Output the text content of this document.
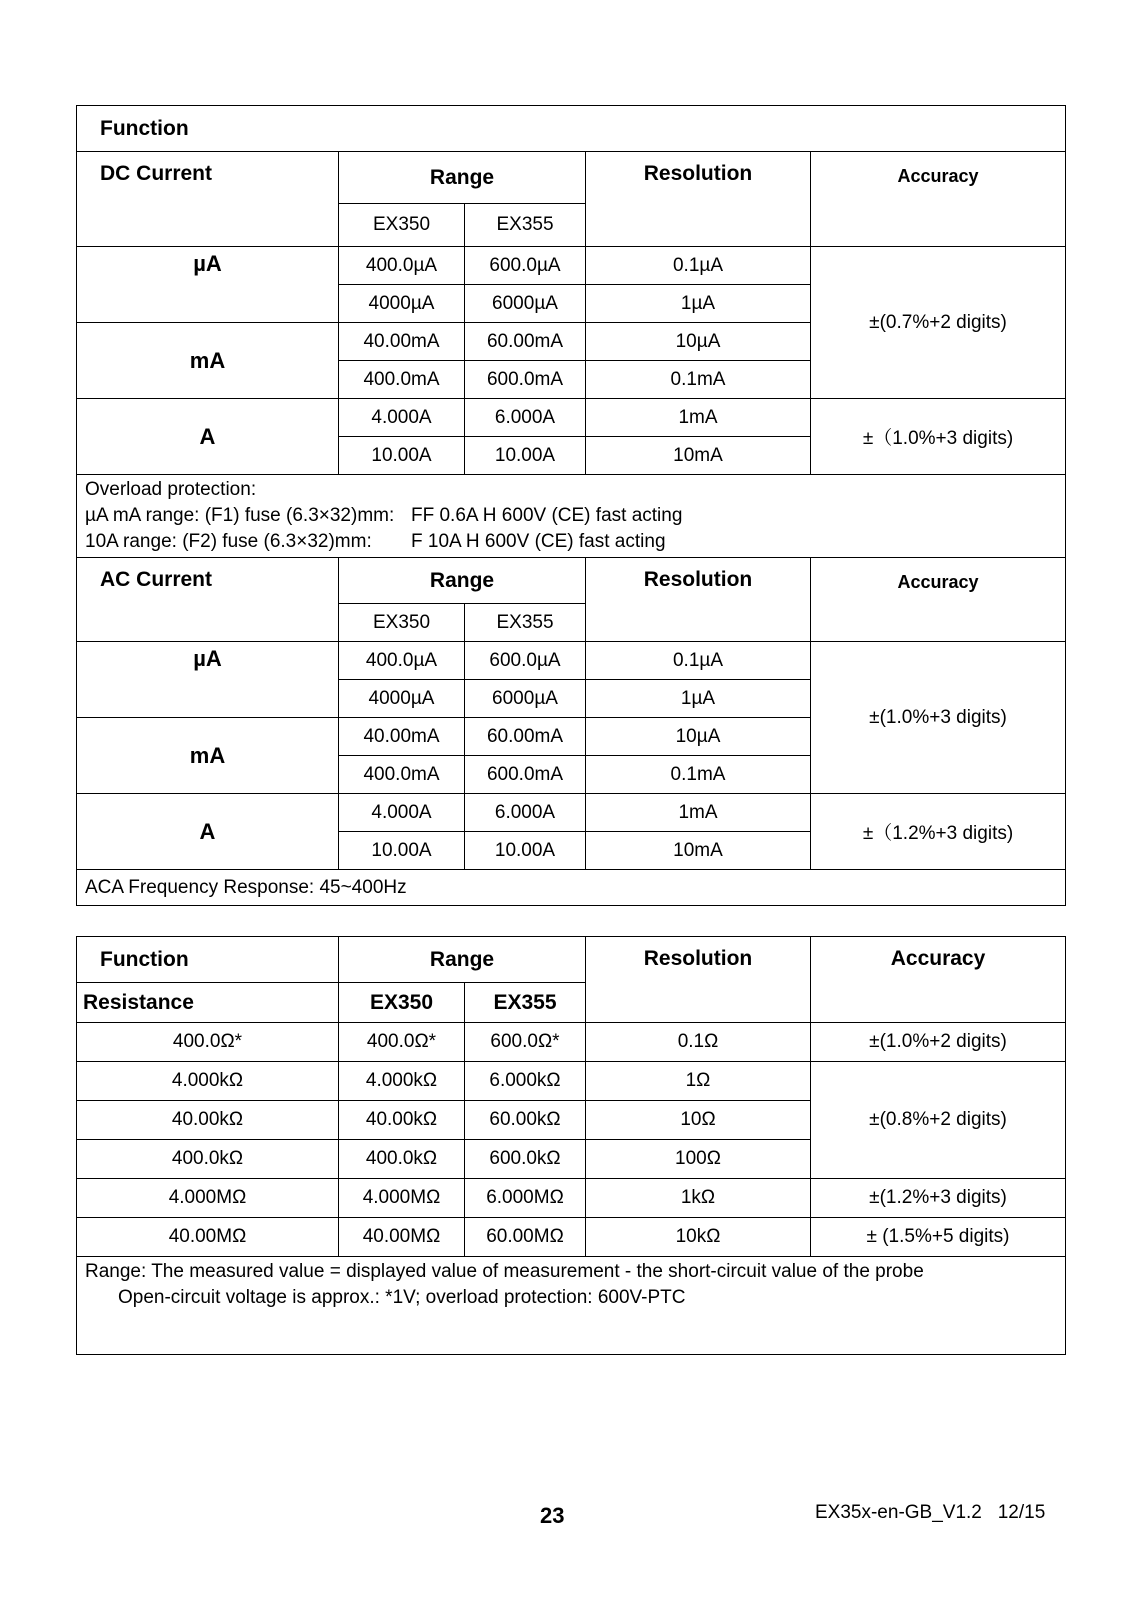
Function				
DC Current	Range		Resolution	Accuracy
	EX350	EX355		
µA	400.0µA	600.0µA	0.1µA	±(0.7%+2 digits)
	4000µA	6000µA	1µA	
mA	40.00mA	60.00mA	10µA	
	400.0mA	600.0mA	0.1mA	
A	4.000A	6.000A	1mA	±（1.0%+3 digits)
	10.00A	10.00A	10mA	

Overload protection:
µA mA range: (F1) fuse (6.3×32)mm: FF 0.6A H 600V (CE) fast acting
10A range: (F2) fuse (6.3×32)mm: F 10A H 600V (CE) fast acting				

AC Current	Range		Resolution	Accuracy
	EX350	EX355		
µA	400.0µA	600.0µA	0.1µA	±(1.0%+3 digits)
	4000µA	6000µA	1µA	
mA	40.00mA	60.00mA	10µA	
	400.0mA	600.0mA	0.1mA	
A	4.000A	6.000A	1mA	±（1.2%+3 digits)
	10.00A	10.00A	10mA	
ACA Frequency Response: 45~400Hz				
Function	Range		Resolution	Accuracy
Resistance	EX350	EX355		
400.0Ω*	400.0Ω*	600.0Ω*	0.1Ω	±(1.0%+2 digits)
4.000kΩ	4.000kΩ	6.000kΩ	1Ω	±(0.8%+2 digits)
40.00kΩ	40.00kΩ	60.00kΩ	10Ω	
400.0kΩ	400.0kΩ	600.0kΩ	100Ω	
4.000MΩ	4.000MΩ	6.000MΩ	1kΩ	±(1.2%+3 digits)
40.00MΩ	40.00MΩ	60.00MΩ	10kΩ	± (1.5%+5 digits)

Range: The measured value = displayed value of measurement - the short-circuit value of the probe
Open-circuit voltage is approx.: *1V; overload protection: 600V-PTC				
23	EX35x-en-GB_V1.2   12/15
